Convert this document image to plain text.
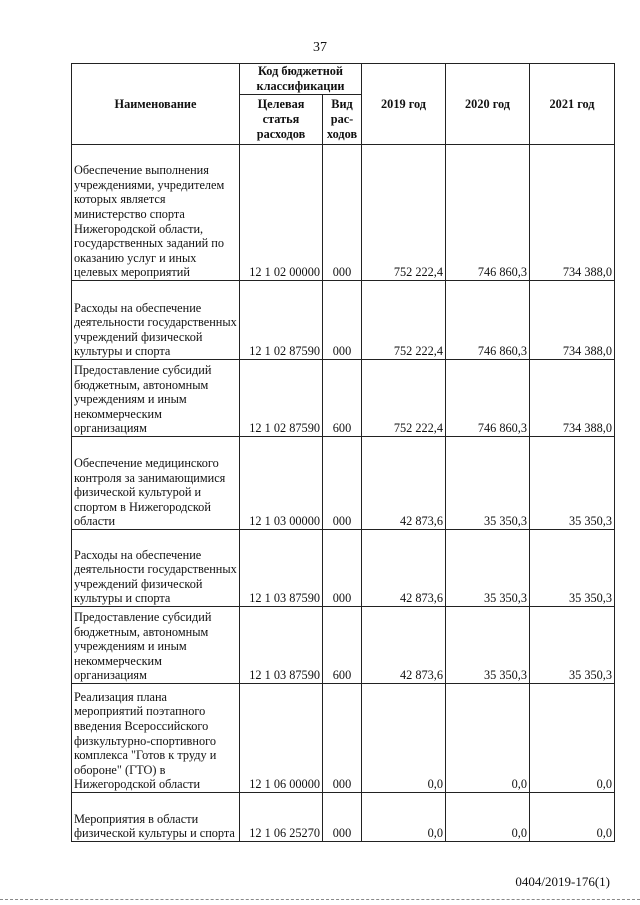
37
Наименование	Код бюджетной классификации		2019 год	2020 год	2021 год
	Целевая статья расходов	Вид рас-ходов			
Обеспечение выполнения учреждениями, учредителем которых является министерство спорта Нижегородской области, государственных заданий по оказанию услуг и иных целевых мероприятий	12 1 02 00000	000	752 222,4	746 860,3	734 388,0
Расходы на обеспечение деятельности государственных учреждений физической культуры и спорта	12 1 02 87590	000	752 222,4	746 860,3	734 388,0
Предоставление субсидий бюджетным, автономным учреждениям и иным некоммерческим организациям	12 1 02 87590	600	752 222,4	746 860,3	734 388,0
Обеспечение медицинского контроля за занимающимися физической культурой и спортом в Нижегородской области	12 1 03 00000	000	42 873,6	35 350,3	35 350,3
Расходы на обеспечение деятельности государственных учреждений физической культуры и спорта	12 1 03 87590	000	42 873,6	35 350,3	35 350,3
Предоставление субсидий бюджетным, автономным учреждениям и иным некоммерческим организациям	12 1 03 87590	600	42 873,6	35 350,3	35 350,3
Реализация плана мероприятий поэтапного введения Всероссийского физкультурно-спортивного комплекса "Готов к труду и обороне" (ГТО) в Нижегородской области	12 1 06 00000	000	0,0	0,0	0,0
Мероприятия в области физической культуры и спорта	12 1 06 25270	000	0,0	0,0	0,0
0404/2019-176(1)
